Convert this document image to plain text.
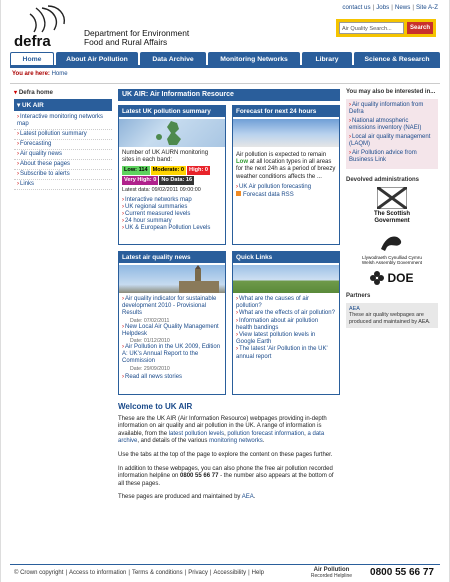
contact us | Jobs | News | Site A-Z
defra	Department for Environment
Food and Rural Affairs
Air Quality Search...	Search
Home	About Air Pollution	Data Archive	Monitoring Networks	Library	Science & Research
You are here: Home
▾ Defra home
▾ UK AIR
›Interactive monitoring networks map
›Latest pollution summary
›Forecasting
›Air quality news
›About these pages
›Subscribe to alerts
›Links
UK AIR: Air Information Resource
Latest UK pollution summary
Number of UK AURN monitoring sites in each band:
Low: 114 Moderate: 0 High: 0
Very High: 0 No Data: 16
Latest data: 09/02/2011 09:00:00
›Interactive networks map
›UK regional summaries
›Current measured levels
›24 hour summary
›UK & European Pollution Levels
Forecast for next 24 hours
Air pollution is expected to remain Low at all location types in all areas for the next 24h as a period of breezy weather conditions affects the ...
›UK Air pollution forecasting
Forecast data RSS
Latest air quality news
›Air quality indicator for sustainable development 2010 - Provisional Results
Date: 07/02/2011
›New Local Air Quality Management Helpdesk
Date: 01/12/2010
›Air Pollution in the UK 2009, Edition A: UK's Annual Report to the Commission
Date: 29/09/2010
›Read all news stories
Quick Links
›What are the causes of air pollution?
›What are the effects of air pollution?
›Information about air pollution health bandings
›View latest pollution levels in Google Earth
›The latest 'Air Pollution in the UK' annual report
Welcome to UK AIR

These are the UK AIR (Air Information Resource) webpages providing in-depth information on air quality and air pollution in the UK. A range of information is available, from the latest pollution levels, pollution forecast information, a data archive, and details of the various monitoring networks.

Use the tabs at the top of the page to explore the content on these pages further.

In addition to these webpages, you can also phone the free air pollution recorded information helpline on 0800 55 66 77 - the number also appears at the bottom of all these pages.

These pages are produced and maintained by AEA.

You may also be interested in...
›Air quality information from Defra
›National atmospheric emissions inventory (NAEI)
›Local air quality management (LAQM)
›Air Pollution advice from Business Link
Devolved administrations
The Scottish
Government
Llywodraeth Cynulliad Cymru
Welsh Assembly Government
DOE
Partners
AEA
These air quality webpages are produced and maintained by AEA.
© Crown copyright | Access to information | Terms & conditions | Privacy | Accessibility | Help	Air Pollution
Recorded Helpline 0800 55 66 77
